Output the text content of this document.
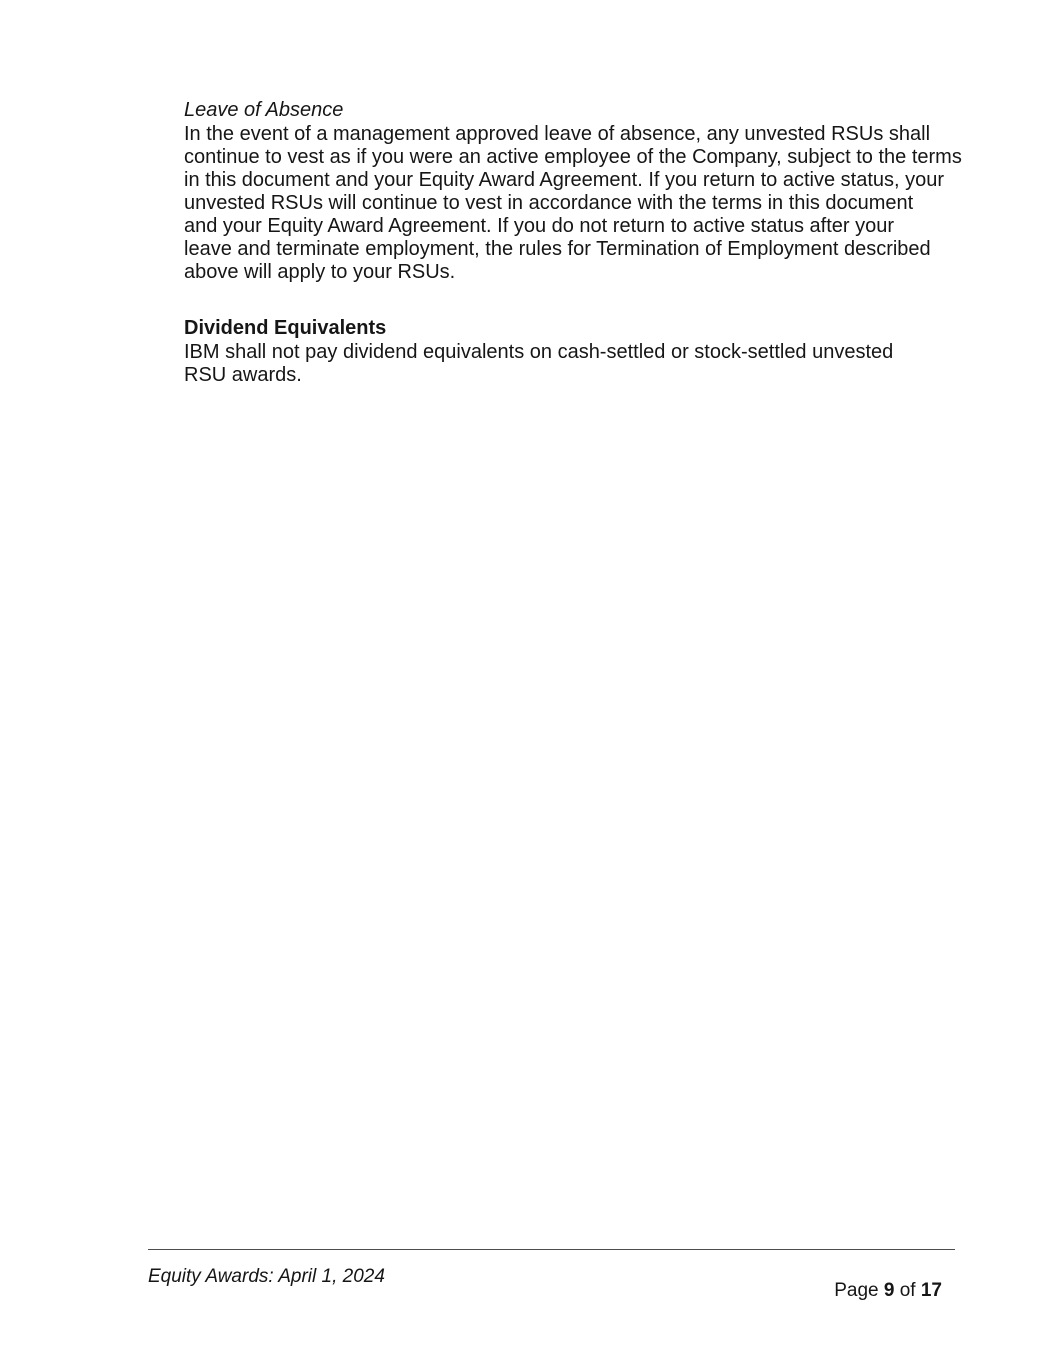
Leave of Absence

In the event of a management approved leave of absence, any unvested RSUs shall
continue to vest as if you were an active employee of the Company, subject to the terms
in this document and your Equity Award Agreement. If you return to active status, your
unvested RSUs will continue to vest in accordance with the terms in this document
and your Equity Award Agreement. If you do not return to active status after your
leave and terminate employment, the rules for Termination of Employment described
above will apply to your RSUs.

Dividend Equivalents

IBM shall not pay dividend equivalents on cash-settled or stock-settled unvested
RSU awards.

Equity Awards: April 1, 2024
Page 9 of 17
